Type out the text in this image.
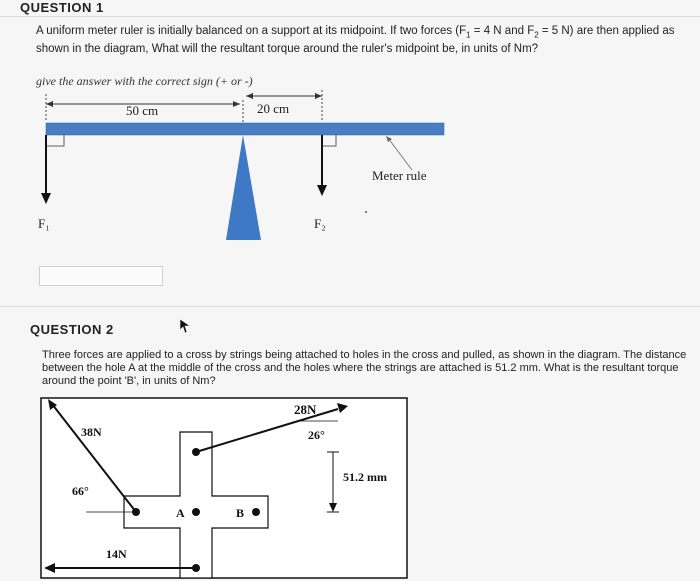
QUESTION 1
A uniform meter ruler is initially balanced on a support at its midpoint. If two forces ($F_1 = 4$ N and $F_2 = 5$ N) are then applied as shown in the diagram, What will the resultant torque around the ruler's midpoint be, in units of Nm?
give the answer with the correct sign (+ or -)
50 cm	20 cm
F₁	F₂
Meter rule
QUESTION 2
Three forces are applied to a cross by strings being attached to holes in the cross and pulled, as shown in the diagram. The distance between the hole A at the middle of the cross and the holes where the strings are attached is 51.2 mm. What is the resultant torque around the point 'B', in units of Nm?
28N
26°
38N
66°
14N
A	B
51.2 mm
